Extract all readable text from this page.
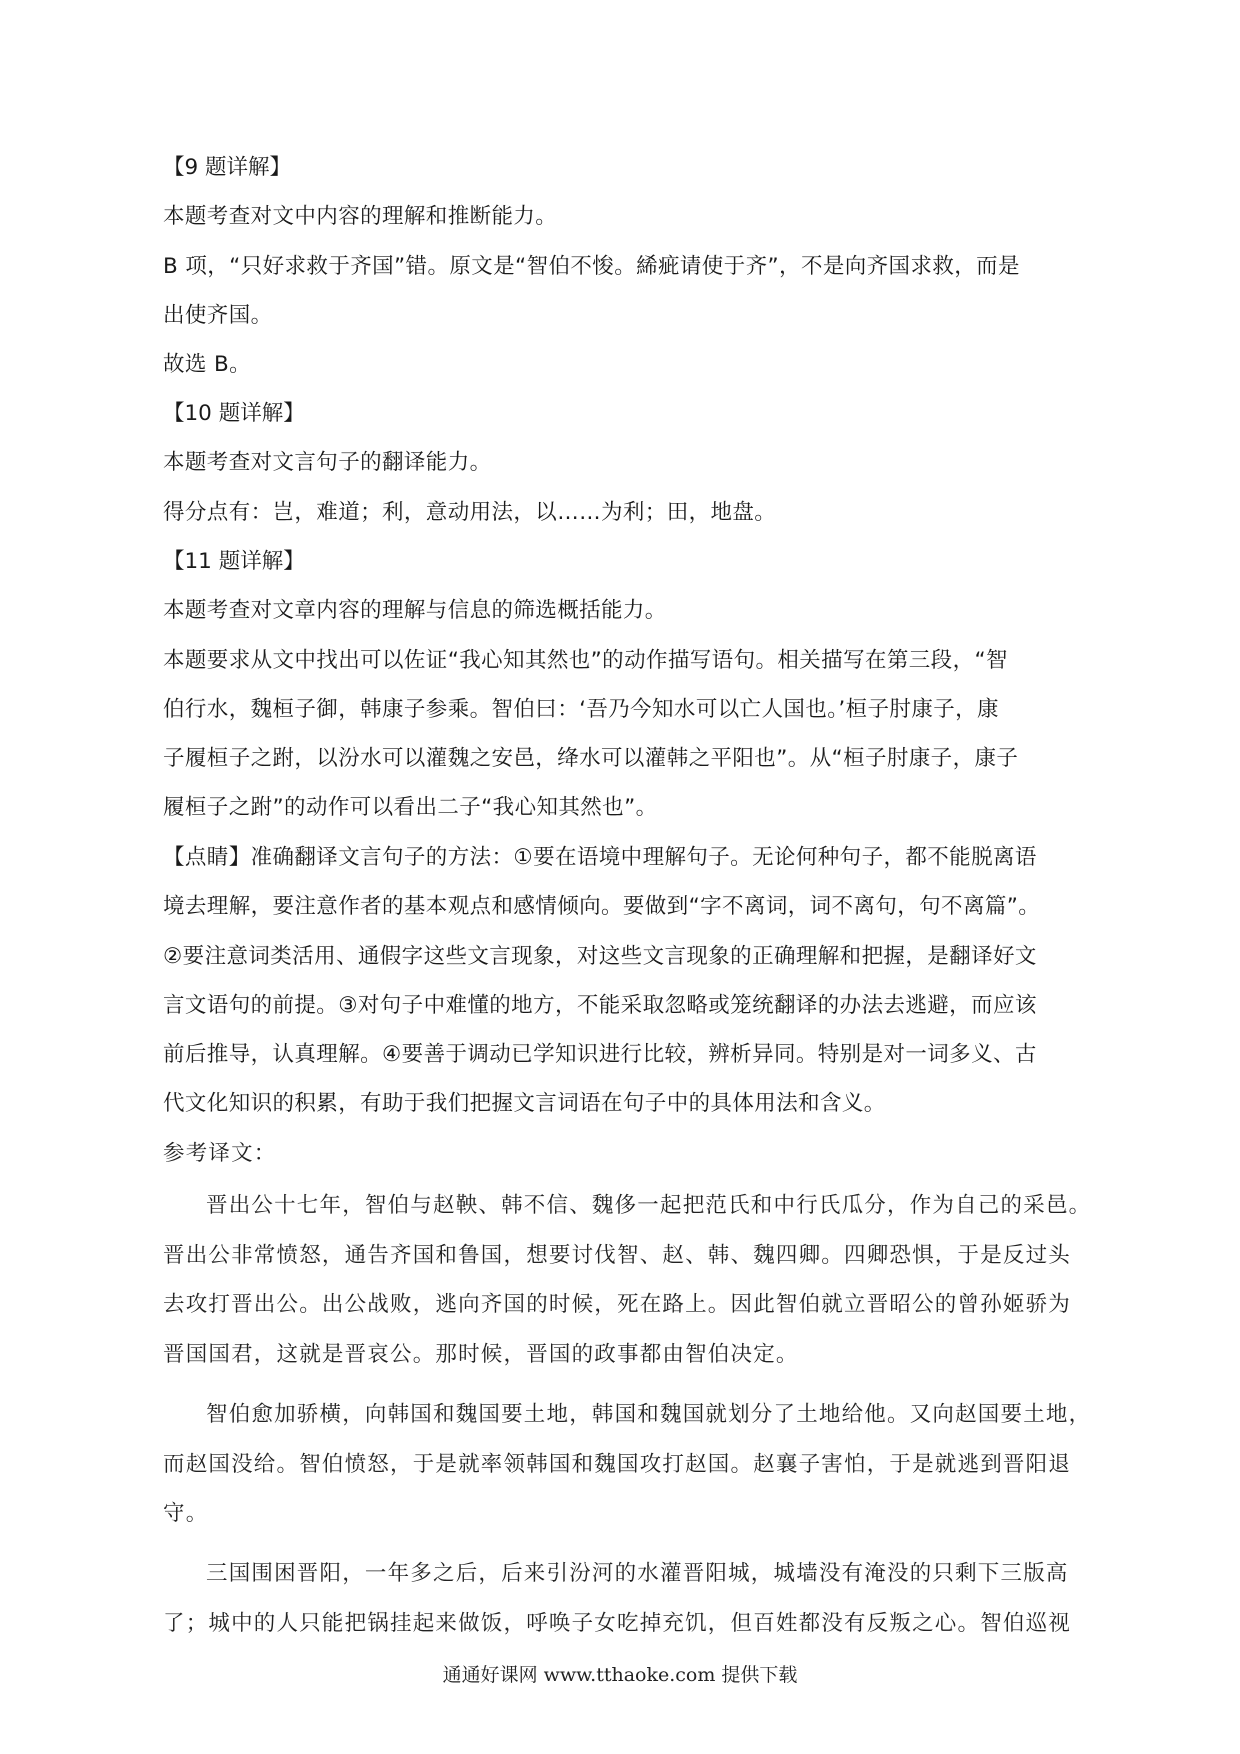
【9 题详解】
本题考查对文中内容的理解和推断能力。
B 项，“只好求救于齐国”错。原文是“智伯不悛。絺疵请使于齐”，不是向齐国求救，而是
出使齐国。
故选 B。
【10 题详解】
本题考查对文言句子的翻译能力。
得分点有：岂，难道；利，意动用法，以……为利；田，地盘。
【11 题详解】
本题考查对文章内容的理解与信息的筛选概括能力。
本题要求从文中找出可以佐证“我心知其然也”的动作描写语句。相关描写在第三段，“智
伯行水，魏桓子御，韩康子参乘。智伯曰：‘吾乃今知水可以亡人国也。’桓子肘康子，康
子履桓子之跗，以汾水可以灌魏之安邑，绛水可以灌韩之平阳也”。从“桓子肘康子，康子
履桓子之跗”的动作可以看出二子“我心知其然也”。
【点睛】准确翻译文言句子的方法：①要在语境中理解句子。无论何种句子，都不能脱离语
境去理解，要注意作者的基本观点和感情倾向。要做到“字不离词，词不离句，句不离篇”。
②要注意词类活用、通假字这些文言现象，对这些文言现象的正确理解和把握，是翻译好文
言文语句的前提。③对句子中难懂的地方，不能采取忽略或笼统翻译的办法去逃避，而应该
前后推导，认真理解。④要善于调动已学知识进行比较，辨析异同。特别是对一词多义、古
代文化知识的积累，有助于我们把握文言词语在句子中的具体用法和含义。
参考译文：
晋出公十七年，智伯与赵鞅、韩不信、魏侈一起把范氏和中行氏瓜分，作为自己的采邑。
晋出公非常愤怒，通告齐国和鲁国，想要讨伐智、赵、韩、魏四卿。四卿恐惧，于是反过头
去攻打晋出公。出公战败，逃向齐国的时候，死在路上。因此智伯就立晋昭公的曾孙姬骄为
晋国国君，这就是晋哀公。那时候，晋国的政事都由智伯决定。
智伯愈加骄横，向韩国和魏国要土地，韩国和魏国就划分了土地给他。又向赵国要土地，
而赵国没给。智伯愤怒，于是就率领韩国和魏国攻打赵国。赵襄子害怕，于是就逃到晋阳退
守。
三国围困晋阳，一年多之后，后来引汾河的水灌晋阳城，城墙没有淹没的只剩下三版高
了；城中的人只能把锅挂起来做饭，呼唤子女吃掉充饥，但百姓都没有反叛之心。智伯巡视
通通好课网 www.tthaoke.com 提供下载
